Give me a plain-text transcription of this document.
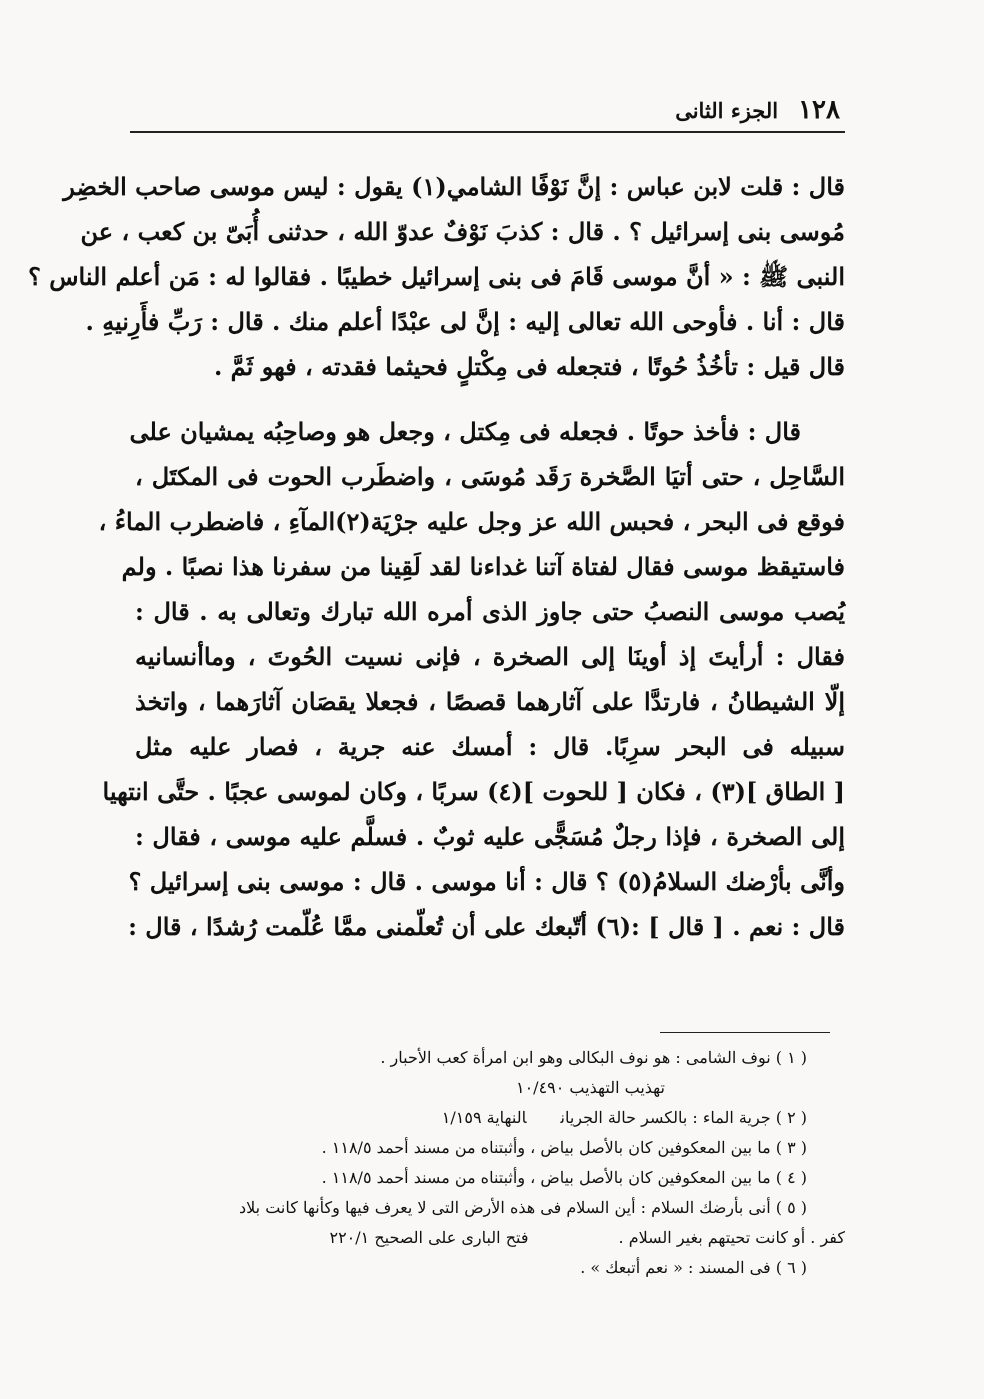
١٢٨
الجزء الثانى
قال : قلت لابن عباس : إنَّ نَوْفًا الشامي(١) يقول : ليس موسى صاحب الخضِر
مُوسى بنى إسرائيل ؟ . قال : كذبَ نَوْفٌ عدوّ الله ، حدثنى أُبَىّ بن كعب ، عن
النبى ﷺ : « أنَّ موسى قَامَ فى بنى إسرائيل خطيبًا . فقالوا له : مَن أعلم الناس ؟
قال : أنا . فأوحى الله تعالى إليه : إنَّ لى عبْدًا أعلم منك . قال : رَبِّ فأَرِنيهِ .
قال قيل : تأخُذُ حُوتًا ، فتجعله فى مِكْتلٍ فحيثما فقدته ، فهو ثَمَّ .
قال : فأخذ حوتًا . فجعله فى مِكتل ، وجعل هو وصاحِبُه يمشيان على
السَّاحِل ، حتى أتيَا الصَّخرة رَقَد مُوسَى ، واضطَرب الحوت فى المكتَل ،
فوقع فى البحر ، فحبس الله عز وجل عليه جرْيَة(٢)المآءِ ، فاضطرب الماءُ ،
فاستيقظ موسى فقال لفتاة آتنا غداءنا لقد لَقِينا من سفرنا هذا نصبًا . ولم
يُصب موسى النصبُ حتى جاوز الذى أمره الله تبارك وتعالى به . قال :
فقال : أرأيتَ إذ أوينَا إلى الصخرة ، فإنى نسيت الحُوتَ ، وماأنسانيه
إلّا الشيطانُ ، فارتدَّا على آثارهما قصصًا ، فجعلا يقصَان آثارَهما ، واتخذ
سبيله فى البحر سرِبًا. قال : أمسك عنه جرية ، فصار عليه مثل
[ الطاق ](٣) ، فكان [ للحوت ](٤) سربًا ، وكان لموسى عجبًا . حتَّى انتهيا
إلى الصخرة ، فإذا رجلٌ مُسَجًّى عليه ثوبٌ . فسلَّم عليه موسى ، فقال :
وأنَّى بأرْضك السلامُ(٥) ؟ قال : أنا موسى . قال : موسى بنى إسرائيل ؟
قال : نعم . [ قال ] :(٦) أتّبعك على أن تُعلّمنى ممَّا عُلّمت رُشدًا ، قال :
( ١ ) نوف الشامى : هو نوف البكالى وهو ابن امرأة كعب الأحبار .
تهذيب التهذيب ١٠/٤٩٠
( ٢ ) جرية الماء : بالكسر حالة الجريانالنهاية ١/١٥٩
( ٣ ) ما بين المعكوفين كان بالأصل بياض ، وأثبتناه من مسند أحمد ١١٨/٥ .
( ٤ ) ما بين المعكوفين كان بالأصل بياض ، وأثبتناه من مسند أحمد ١١٨/٥ .
( ٥ ) أنى بأرضك السلام : أين السلام فى هذه الأرض التى لا يعرف فيها وكأنها كانت بلاد
كفر . أو كانت تحيتهم بغير السلام .
فتح البارى على الصحيح ٢٢٠/١
( ٦ ) فى المسند : « نعم أتبعك » .
